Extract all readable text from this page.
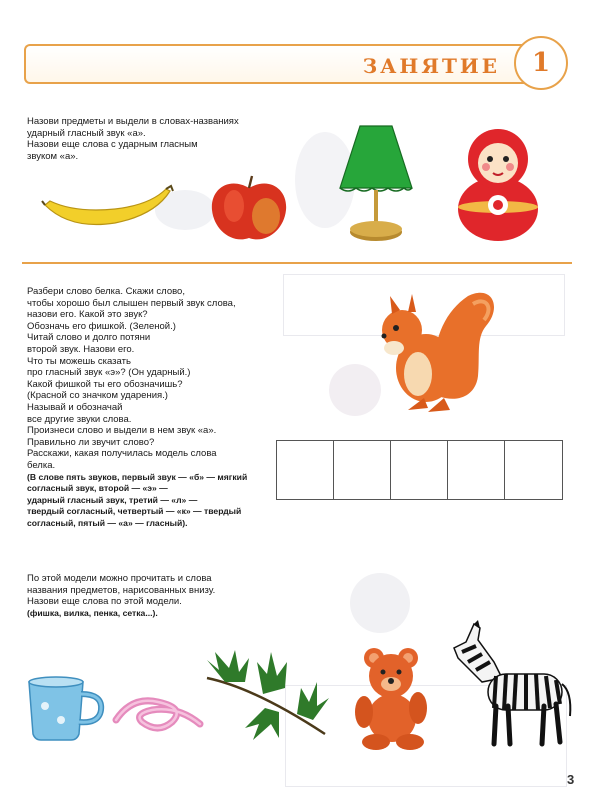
ЗАНЯТИЕ	1

Назови предметы и выдели в словах-названиях

ударный гласный звук «а».

Назови еще слова с ударным гласным

звуком «а».

Разбери слово белка. Скажи слово,

чтобы хорошо был слышен первый звук слова,

назови его. Какой это звук?

Обозначь его фишкой. (Зеленой.)

Читай слово и долго потяни

второй звук. Назови его.

Что ты можешь сказать

про гласный звук «э»? (Он ударный.)

Какой фишкой ты его обозначишь?

(Красной со значком ударения.)

Называй и обозначай

все другие звуки слова.

Произнеси слово и выдели в нем звук «а».

Правильно ли звучит слово?

Расскажи, какая получилась модель слова

белка.

(В слове пять звуков, первый звук — «б» — мягкий

согласный звук, второй — «э» —

ударный гласный звук, третий — «л» —

твердый согласный, четвертый — «к» — твердый

согласный, пятый — «а» — гласный).

По этой модели можно прочитать и слова

названия предметов, нарисованных внизу.

Назови еще слова по этой модели.

(фишка, вилка, пенка, сетка...).

3
